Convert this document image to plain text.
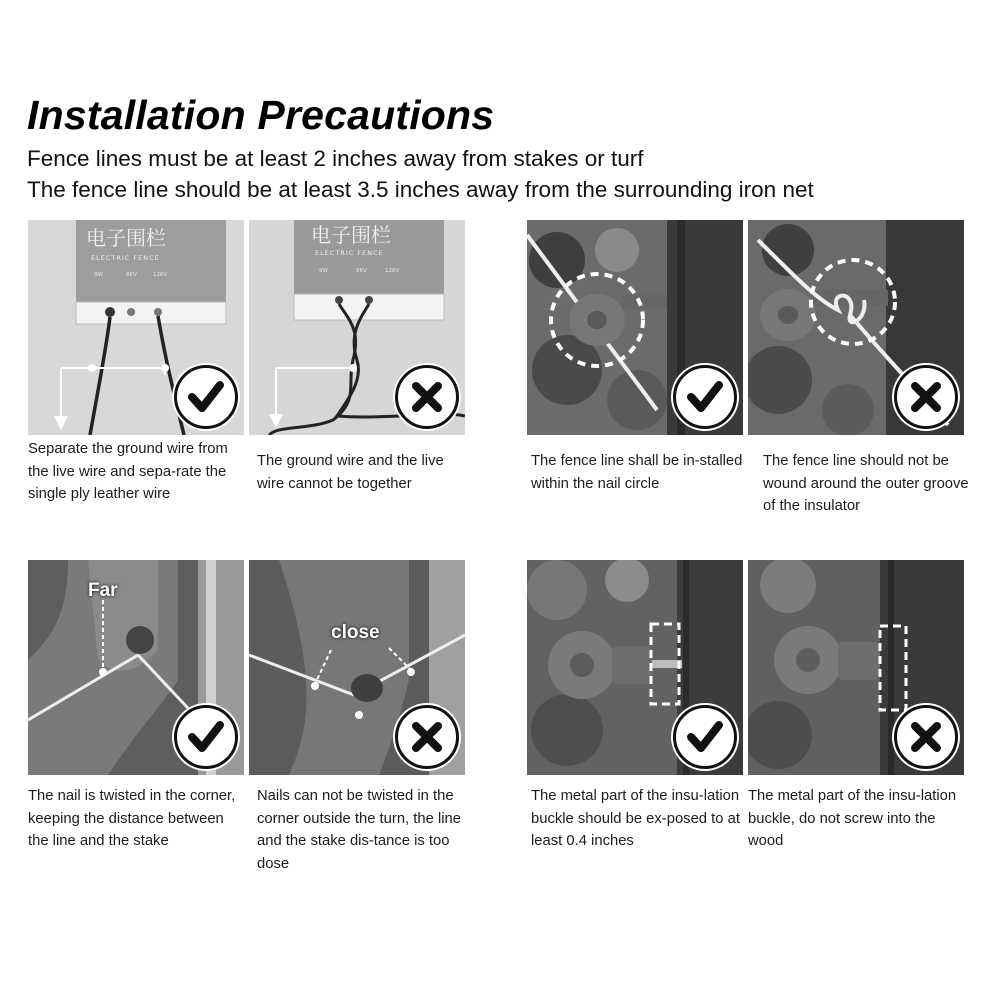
Installation Precautions

Fence lines must be at least 2 inches away from stakes or turf

The fence line should be at least 3.5 inches away from the surrounding iron net

电子围栏
ELECTRIC FENCE
9W	8KV	12KV

Separate the ground wire from the live wire and sepa-rate the single ply leather wire

电子围栏
ELECTRIC FENCE
9W	8KV	12KV

The ground wire and the live wire cannot be together

The fence line shall be in-stalled within the nail circle

The fence line should not be wound around the outer groove of the insulator

Far

The nail is twisted in the corner, keeping the distance between the line and the stake

close

Nails can not be twisted in the corner outside the turn, the line and the stake dis-tance is too dose

The metal part of the insu-lation buckle should be ex-posed to at least 0.4 inches

The metal part of the insu-lation buckle, do not screw into the wood
